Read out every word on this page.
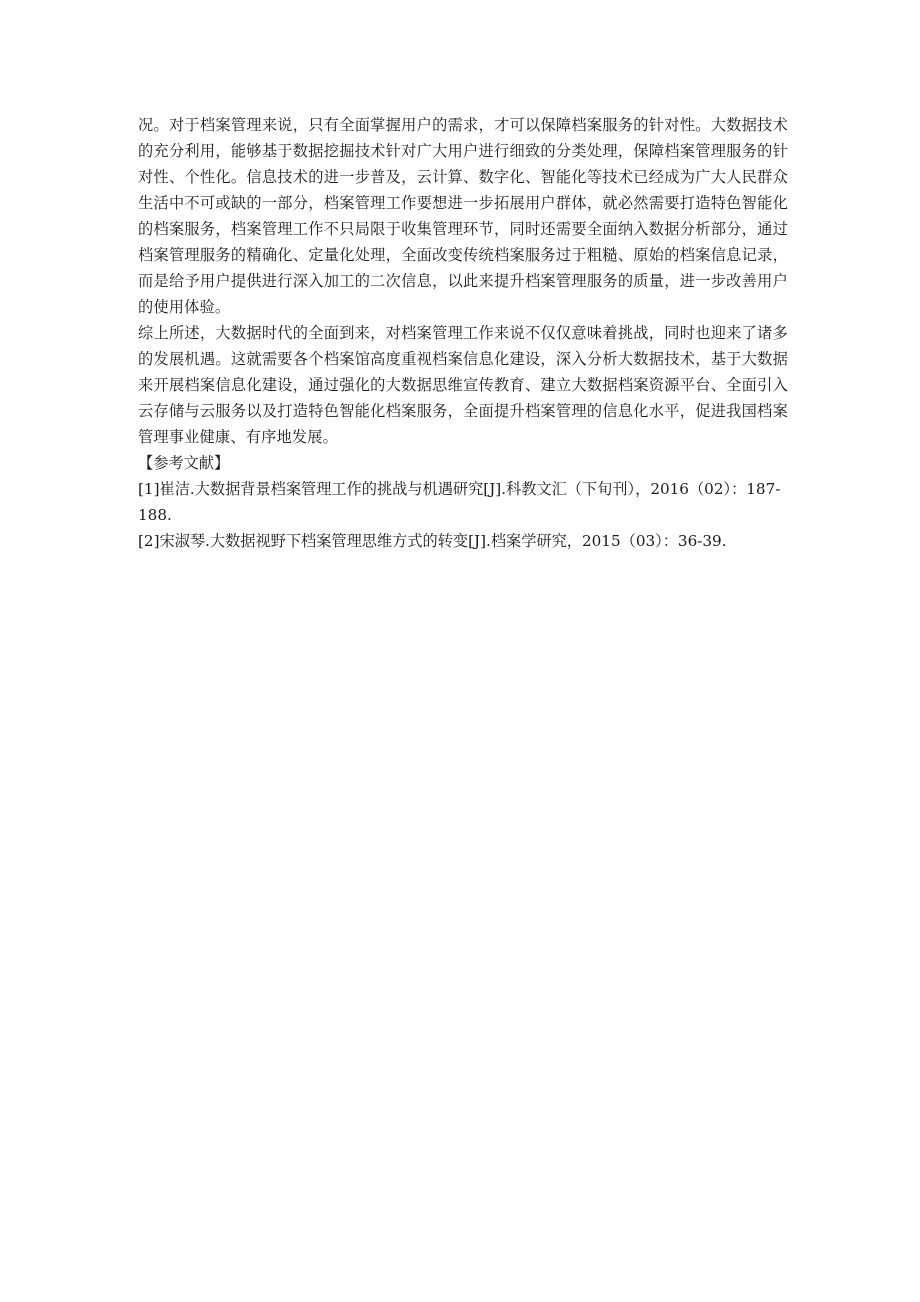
况。对于档案管理来说，只有全面掌握用户的需求，才可以保障档案服务的针对性。大数据技术的充分利用，能够基于数据挖掘技术针对广大用户进行细致的分类处理，保障档案管理服务的针对性、个性化。信息技术的进一步普及，云计算、数字化、智能化等技术已经成为广大人民群众生活中不可或缺的一部分，档案管理工作要想进一步拓展用户群体，就必然需要打造特色智能化的档案服务，档案管理工作不只局限于收集管理环节，同时还需要全面纳入数据分析部分，通过档案管理服务的精确化、定量化处理，全面改变传统档案服务过于粗糙、原始的档案信息记录，而是给予用户提供进行深入加工的二次信息，以此来提升档案管理服务的质量，进一步改善用户的使用体验。

综上所述，大数据时代的全面到来，对档案管理工作来说不仅仅意味着挑战，同时也迎来了诸多的发展机遇。这就需要各个档案馆高度重视档案信息化建设，深入分析大数据技术，基于大数据来开展档案信息化建设，通过强化的大数据思维宣传教育、建立大数据档案资源平台、全面引入云存储与云服务以及打造特色智能化档案服务，全面提升档案管理的信息化水平，促进我国档案管理事业健康、有序地发展。

【参考文献】

[1]崔洁.大数据背景档案管理工作的挑战与机遇研究[J].科教文汇（下旬刊），2016（02）：187-188.

[2]宋淑琴.大数据视野下档案管理思维方式的转变[J].档案学研究，2015（03）：36-39.
